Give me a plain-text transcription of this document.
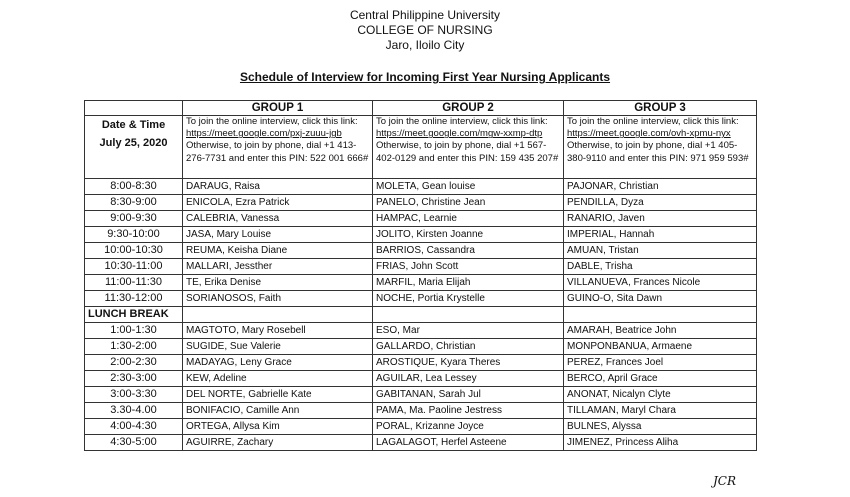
Central Philippine University
COLLEGE OF NURSING
Jaro, Iloilo City
Schedule of Interview for Incoming First Year Nursing Applicants
	GROUP 1	GROUP 2	GROUP 3

Date & Time
July 25, 2020	To join the online interview, click this link: https://meet.google.com/pxj-zuuu-jgb Otherwise, to join by phone, dial +1 413-276-7731 and enter this PIN: 522 001 666#	To join the online interview, click this link: https://meet.google.com/mgw-xxmp-dtp Otherwise, to join by phone, dial +1 567-402-0129 and enter this PIN: 159 435 207#	To join the online interview, click this link: https://meet.google.com/ovh-xpmu-nyx Otherwise, to join by phone, dial +1 405-380-9110 and enter this PIN: 971 959 593#
8:00-8:30	DARAUG, Raisa	MOLETA, Gean louise	PAJONAR, Christian
8:30-9:00	ENICOLA, Ezra Patrick	PANELO, Christine Jean	PENDILLA, Dyza
9:00-9:30	CALEBRIA, Vanessa	HAMPAC, Learnie	RANARIO, Javen
9:30-10:00	JASA, Mary Louise	JOLITO, Kirsten Joanne	IMPERIAL, Hannah
10:00-10:30	REUMA, Keisha Diane	BARRIOS, Cassandra	AMUAN, Tristan
10:30-11:00	MALLARI, Jessther	FRIAS, John Scott	DABLE, Trisha
11:00-11:30	TE, Erika Denise	MARFIL, Maria Elijah	VILLANUEVA, Frances Nicole
11:30-12:00	SORIANOSOS, Faith	NOCHE, Portia Krystelle	GUINO-O, Sita Dawn
LUNCH BREAK			
1:00-1:30	MAGTOTO, Mary Rosebell	ESO, Mar	AMARAH, Beatrice John
1:30-2:00	SUGIDE, Sue Valerie	GALLARDO, Christian	MONPONBANUA, Armaene
2:00-2:30	MADAYAG, Leny Grace	AROSTIQUE, Kyara Theres	PEREZ, Frances Joel
2:30-3:00	KEW, Adeline	AGUILAR, Lea Lessey	BERCO, April Grace
3:00-3:30	DEL NORTE, Gabrielle Kate	GABITANAN, Sarah Jul	ANONAT, Nicalyn Clyte
3.30-4.00	BONIFACIO, Camille Ann	PAMA, Ma. Paoline Jestress	TILLAMAN, Maryl Chara
4:00-4:30	ORTEGA, Allysa Kim	PORAL, Krizanne Joyce	BULNES, Alyssa
4:30-5:00	AGUIRRE, Zachary	LAGALAGOT, Herfel Asteene	JIMENEZ, Princess Aliha
JCR
